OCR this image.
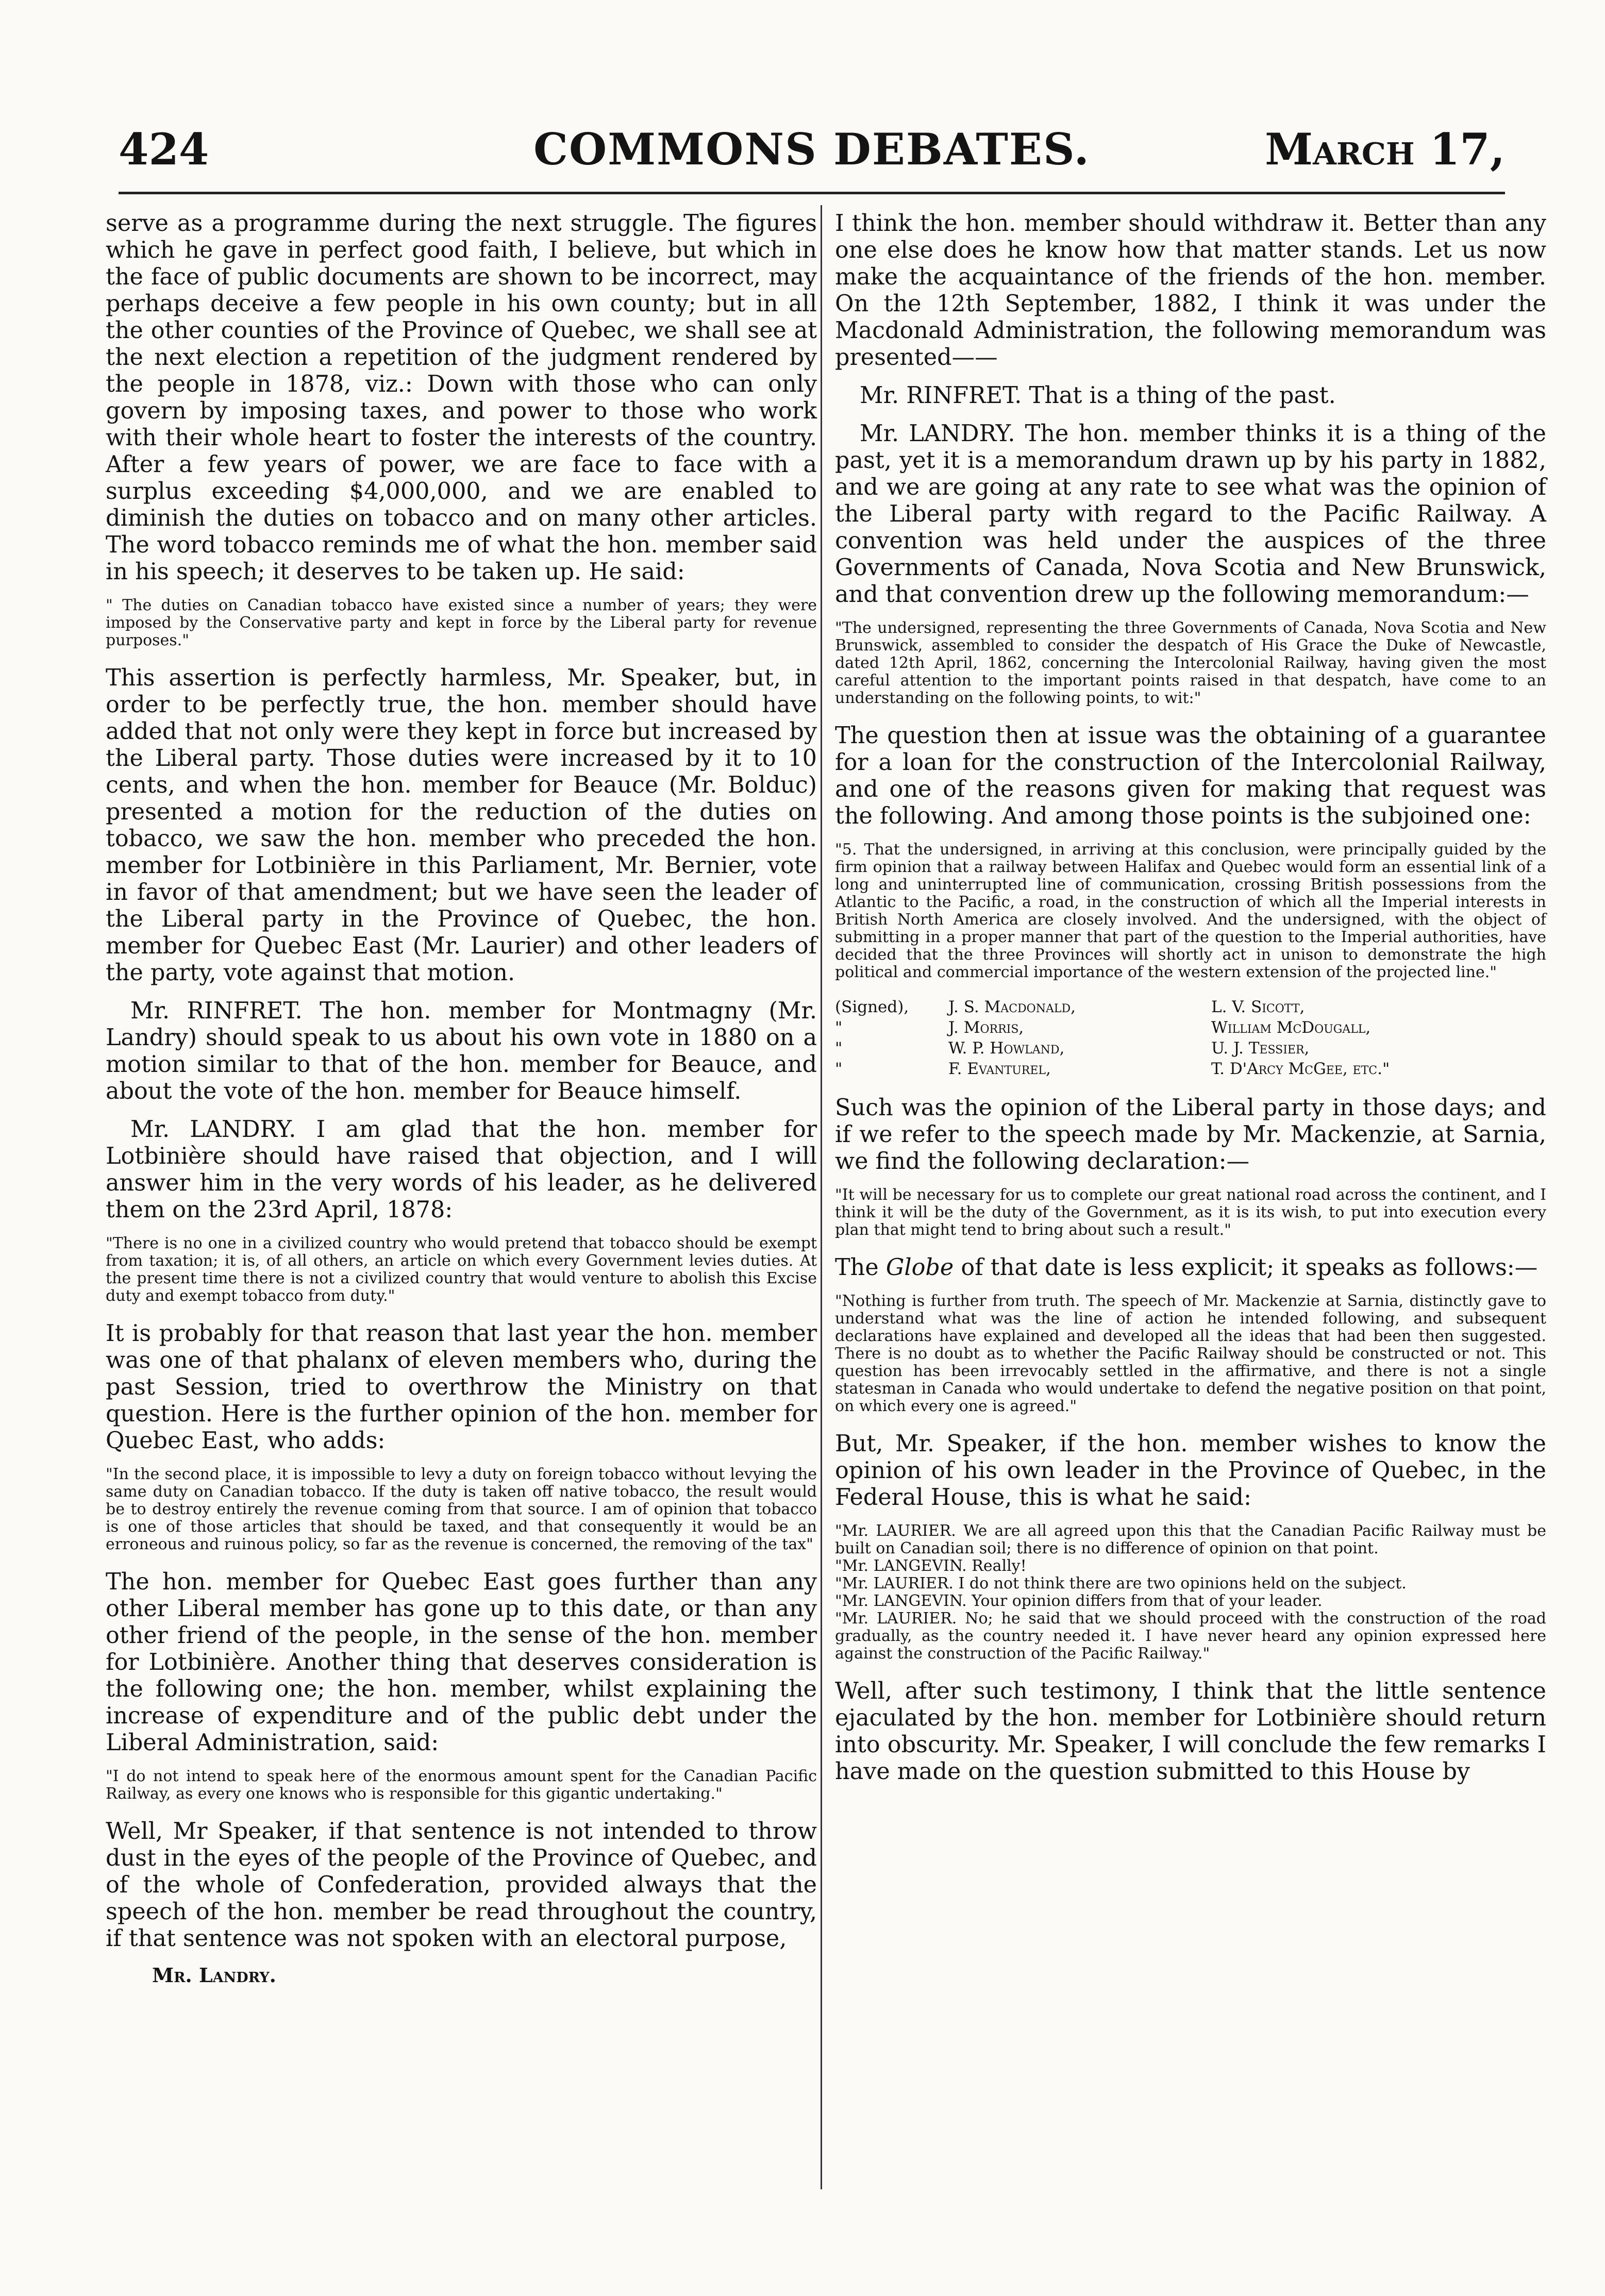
424	COMMONS DEBATES.	March 17,

serve as a programme during the next struggle. The figures which he gave in perfect good faith, I believe, but which in the face of public documents are shown to be incorrect, may perhaps deceive a few people in his own county; but in all the other counties of the Province of Quebec, we shall see at the next election a repetition of the judgment rendered by the people in 1878, viz.: Down with those who can only govern by imposing taxes, and power to those who work with their whole heart to foster the interests of the country. After a few years of power, we are face to face with a surplus exceeding $4,000,000, and we are enabled to diminish the duties on tobacco and on many other articles. The word tobacco reminds me of what the hon. member said in his speech; it deserves to be taken up. He said:

" The duties on Canadian tobacco have existed since a number of years; they were imposed by the Conservative party and kept in force by the Liberal party for revenue purposes."

This assertion is perfectly harmless, Mr. Speaker, but, in order to be perfectly true, the hon. member should have added that not only were they kept in force but increased by the Liberal party. Those duties were increased by it to 10 cents, and when the hon. member for Beauce (Mr. Bolduc) presented a motion for the reduction of the duties on tobacco, we saw the hon. member who preceded the hon. member for Lotbinière in this Parliament, Mr. Bernier, vote in favor of that amendment; but we have seen the leader of the Liberal party in the Province of Quebec, the hon. member for Quebec East (Mr. Laurier) and other leaders of the party, vote against that motion.

Mr. RINFRET. The hon. member for Montmagny (Mr. Landry) should speak to us about his own vote in 1880 on a motion similar to that of the hon. member for Beauce, and about the vote of the hon. member for Beauce himself.

Mr. LANDRY. I am glad that the hon. member for Lotbinière should have raised that objection, and I will answer him in the very words of his leader, as he delivered them on the 23rd April, 1878:

"There is no one in a civilized country who would pretend that tobacco should be exempt from taxation; it is, of all others, an article on which every Government levies duties. At the present time there is not a civilized country that would venture to abolish this Excise duty and exempt tobacco from duty."

It is probably for that reason that last year the hon. member was one of that phalanx of eleven members who, during the past Session, tried to overthrow the Ministry on that question. Here is the further opinion of the hon. member for Quebec East, who adds:

"In the second place, it is impossible to levy a duty on foreign tobacco without levying the same duty on Canadian tobacco. If the duty is taken off native tobacco, the result would be to destroy entirely the revenue coming from that source. I am of opinion that tobacco is one of those articles that should be taxed, and that consequently it would be an erroneous and ruinous policy, so far as the revenue is concerned, the removing of the tax"

The hon. member for Quebec East goes further than any other Liberal member has gone up to this date, or than any other friend of the people, in the sense of the hon. member for Lotbinière. Another thing that deserves consideration is the following one; the hon. member, whilst explaining the increase of expenditure and of the public debt under the Liberal Administration, said:

"I do not intend to speak here of the enormous amount spent for the Canadian Pacific Railway, as every one knows who is responsible for this gigantic undertaking."

Well, Mr Speaker, if that sentence is not intended to throw dust in the eyes of the people of the Province of Quebec, and of the whole of Confederation, provided always that the speech of the hon. member be read throughout the country, if that sentence was not spoken with an electoral purpose,

Mr. Landry.

I think the hon. member should withdraw it. Better than any one else does he know how that matter stands. Let us now make the acquaintance of the friends of the hon. member. On the 12th September, 1882, I think it was under the Macdonald Administration, the following memorandum was presented——

Mr. RINFRET. That is a thing of the past.

Mr. LANDRY. The hon. member thinks it is a thing of the past, yet it is a memorandum drawn up by his party in 1882, and we are going at any rate to see what was the opinion of the Liberal party with regard to the Pacific Railway. A convention was held under the auspices of the three Governments of Canada, Nova Scotia and New Brunswick, and that convention drew up the following memorandum:—

"The undersigned, representing the three Governments of Canada, Nova Scotia and New Brunswick, assembled to consider the despatch of His Grace the Duke of Newcastle, dated 12th April, 1862, concerning the Intercolonial Railway, having given the most careful attention to the important points raised in that despatch, have come to an understanding on the following points, to wit:"

The question then at issue was the obtaining of a guarantee for a loan for the construction of the Intercolonial Railway, and one of the reasons given for making that request was the following. And among those points is the subjoined one:

"5. That the undersigned, in arriving at this conclusion, were principally guided by the firm opinion that a railway between Halifax and Quebec would form an essential link of a long and uninterrupted line of communication, crossing British possessions from the Atlantic to the Pacific, a road, in the construction of which all the Imperial interests in British North America are closely involved. And the undersigned, with the object of submitting in a proper manner that part of the question to the Imperial authorities, have decided that the three Provinces will shortly act in unison to demonstrate the high political and commercial importance of the western extension of the projected line."

(Signed),	J. S. Macdonald,	L. V. Sicott,
"	J. Morris,	William McDougall,
"	W. P. Howland,	U. J. Tessier,
"	F. Evanturel,	T. D'Arcy McGee, etc."

Such was the opinion of the Liberal party in those days; and if we refer to the speech made by Mr. Mackenzie, at Sarnia, we find the following declaration:—

"It will be necessary for us to complete our great national road across the continent, and I think it will be the duty of the Government, as it is its wish, to put into execution every plan that might tend to bring about such a result."

The Globe of that date is less explicit; it speaks as follows:—

"Nothing is further from truth. The speech of Mr. Mackenzie at Sarnia, distinctly gave to understand what was the line of action he intended following, and subsequent declarations have explained and developed all the ideas that had been then suggested. There is no doubt as to whether the Pacific Railway should be constructed or not. This question has been irrevocably settled in the affirmative, and there is not a single statesman in Canada who would undertake to defend the negative position on that point, on which every one is agreed."

But, Mr. Speaker, if the hon. member wishes to know the opinion of his own leader in the Province of Quebec, in the Federal House, this is what he said:

"Mr. LAURIER. We are all agreed upon this that the Canadian Pacific Railway must be built on Canadian soil; there is no difference of opinion on that point.
"Mr. LANGEVIN. Really!
"Mr. LAURIER. I do not think there are two opinions held on the subject.
"Mr. LANGEVIN. Your opinion differs from that of your leader.
"Mr. LAURIER. No; he said that we should proceed with the construction of the road gradually, as the country needed it. I have never heard any opinion expressed here against the construction of the Pacific Railway."

Well, after such testimony, I think that the little sentence ejaculated by the hon. member for Lotbinière should return into obscurity. Mr. Speaker, I will conclude the few remarks I have made on the question submitted to this House by
